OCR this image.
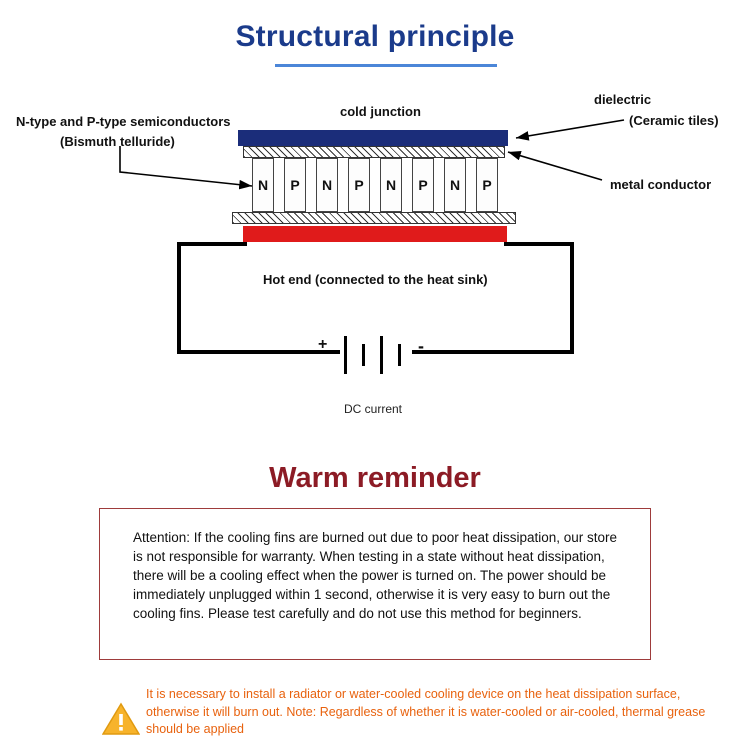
Structural principle
cold junction
dielectric
(Ceramic tiles)
metal conductor
N-type and P-type semiconductors
(Bismuth telluride)
Hot end (connected to the heat sink)
DC current
N	P	N	P	N	P	N	P
+	-
Warm reminder
Attention: If the cooling fins are burned out due to poor heat dissipation, our store is not responsible for warranty. When testing in a state without heat dissipation, there will be a cooling effect when the power is turned on. The power should be immediately unplugged within 1 second, otherwise it is very easy to burn out the cooling fins. Please test carefully and do not use this method for beginners.
It is necessary to install a radiator or water-cooled cooling device on the heat dissipation surface, otherwise it will burn out. Note: Regardless of whether it is water-cooled or air-cooled, thermal grease should be applied
